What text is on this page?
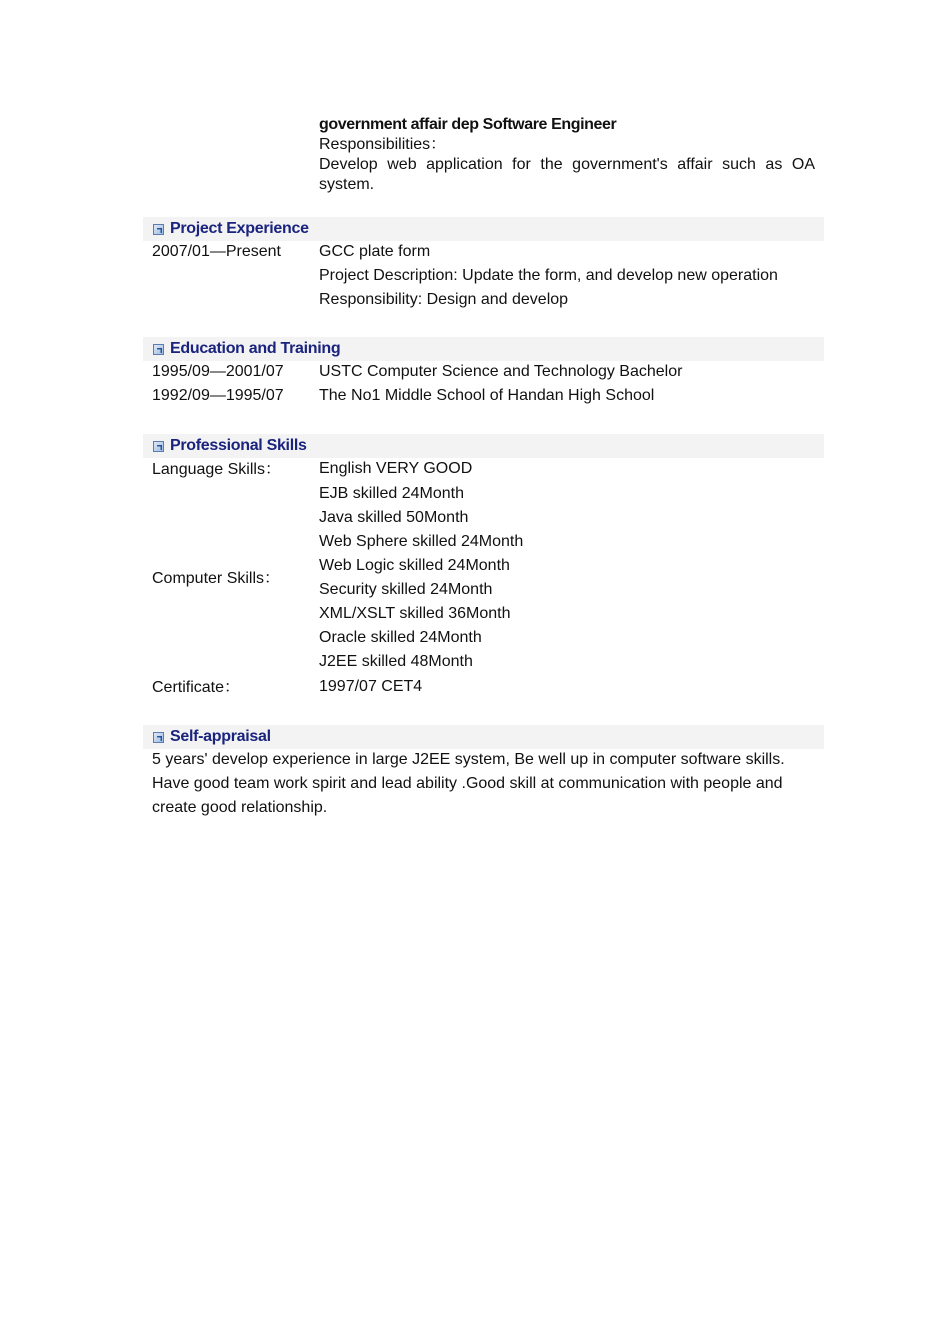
government affair dep Software Engineer
Responsibilities：
Develop web application for the government's affair such as OA system.
Project Experience
2007/01—Present GCC plate form
Project Description: Update the form, and develop new operation
Responsibility: Design and develop
Education and Training
1995/09—2001/07 USTC Computer Science and Technology Bachelor
1992/09—1995/07 The No1 Middle School of Handan High School
Professional Skills
Language Skills： English VERY GOOD
EJB skilled 24Month
Java skilled 50Month
Web Sphere skilled 24Month
Web Logic skilled 24Month
Computer Skills：
Security skilled 24Month
XML/XSLT skilled 36Month
Oracle skilled 24Month
J2EE skilled 48Month
Certificate：	1997/07 CET4
Self-appraisal
5 years' develop experience in large J2EE system, Be well up in computer software skills. Have good team work spirit and lead ability .Good skill at communication with people and create good relationship.
